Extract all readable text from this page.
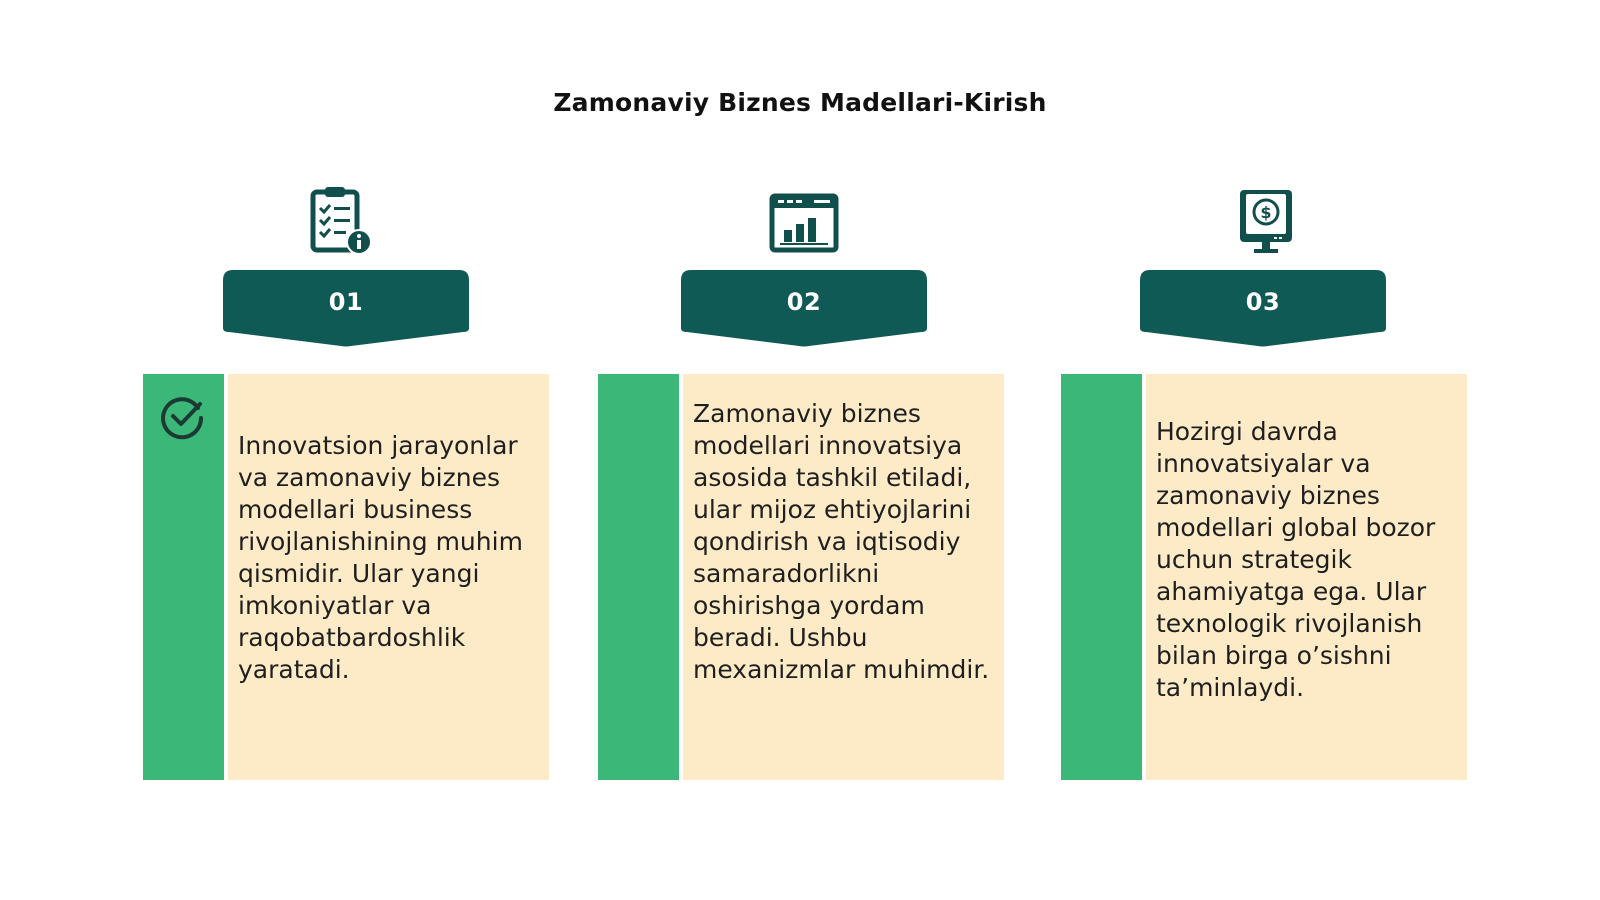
Zamonaviy Biznes Madellari-Kirish
01
Innovatsion jarayonlar va zamonaviy biznes modellari business rivojlanishining muhim qismidir. Ular yangi imkoniyatlar va raqobatbardoshlik yaratadi.
02
Zamonaviy biznes modellari innovatsiya asosida tashkil etiladi, ular mijoz ehtiyojlarini qondirish va iqtisodiy samaradorlikni oshirishga yordam beradi. Ushbu mexanizmlar muhimdir.
$
03
Hozirgi davrda innovatsiyalar va zamonaviy biznes modellari global bozor uchun strategik ahamiyatga ega. Ular texnologik rivojlanish bilan birga o’sishni ta’minlaydi.
